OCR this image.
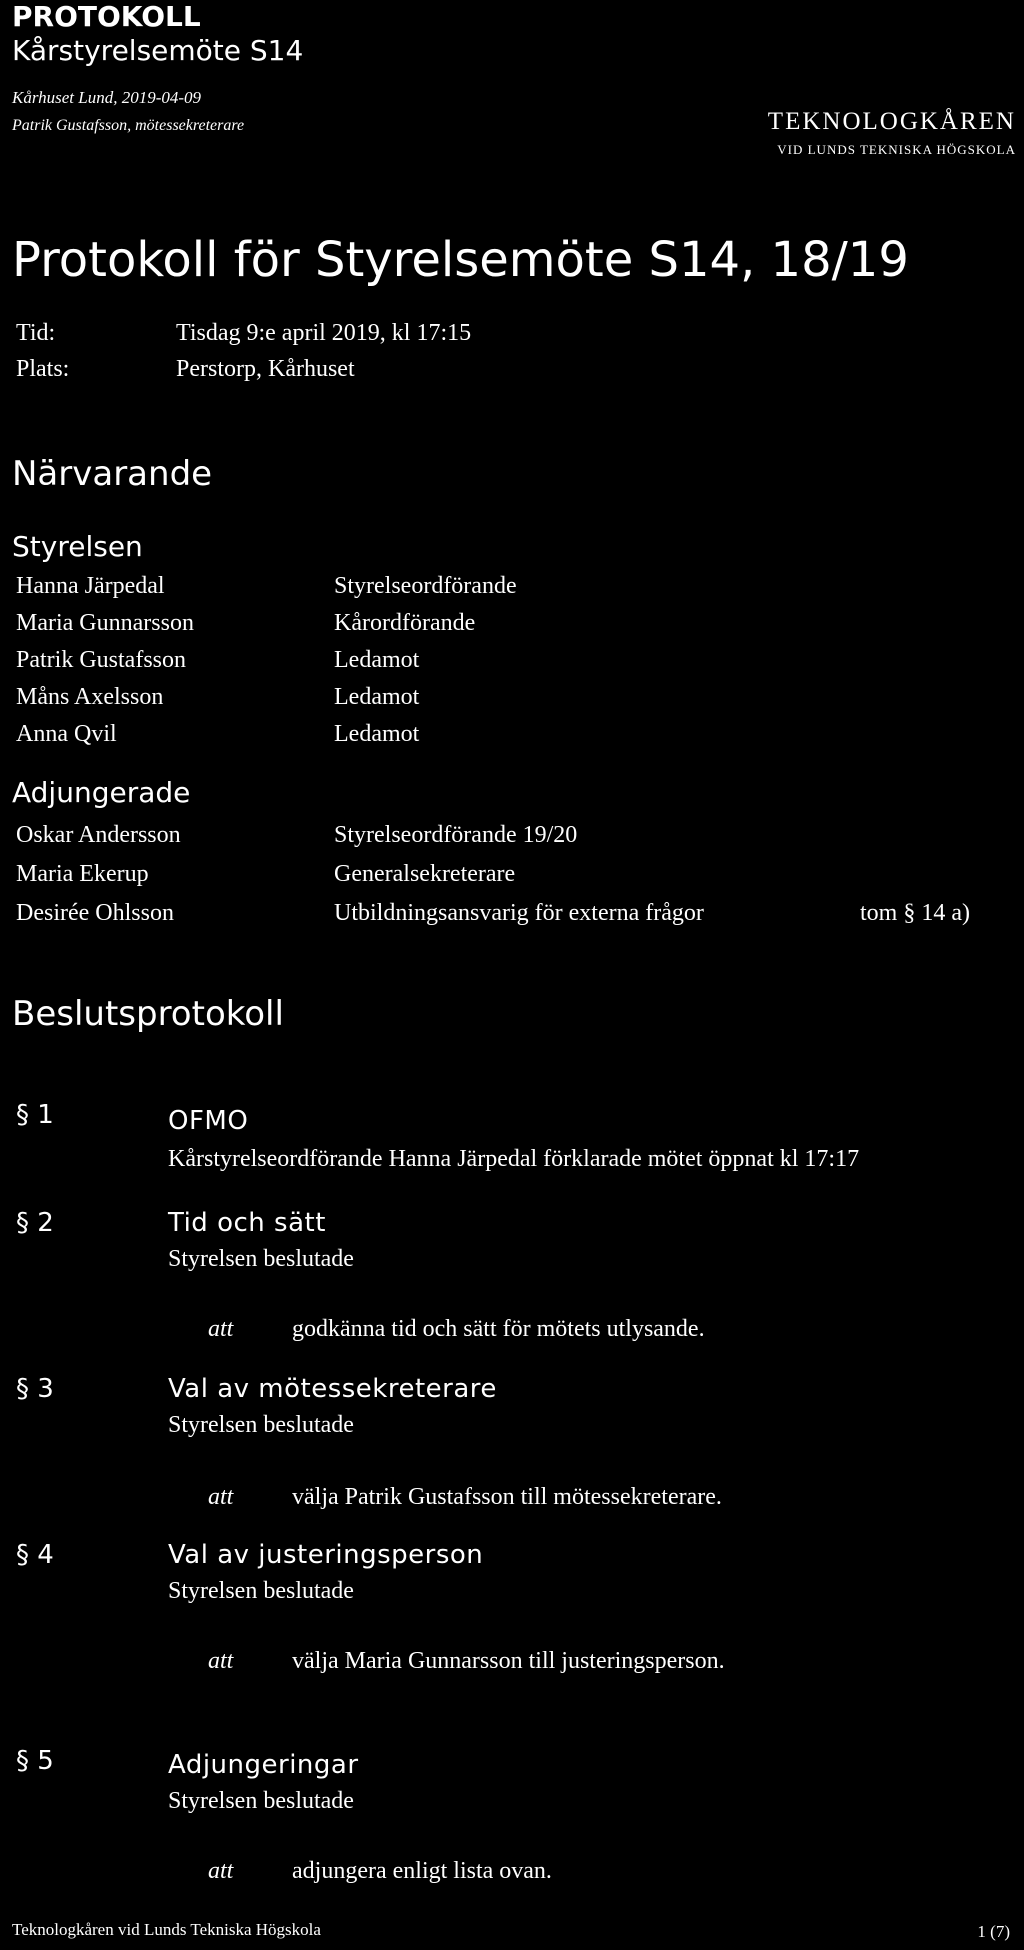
PROTOKOLL
Kårstyrelsemöte S14
Kårhuset Lund, 2019-04-09
Patrik Gustafsson, mötessekreterare	TEKNOLOGKÅREN
VID LUNDS TEKNISKA HÖGSKOLA
Protokoll för Styrelsemöte S14, 18/19
Tid:	Tisdag 9:e april 2019, kl 17:15
Plats:	Perstorp, Kårhuset
Närvarande
Styrelsen
Hanna Järpedal	Styrelseordförande
Maria Gunnarsson	Kårordförande
Patrik Gustafsson	Ledamot
Måns Axelsson	Ledamot
Anna Qvil	Ledamot
Adjungerade
Oskar Andersson	Styrelseordförande 19/20
Maria Ekerup	Generalsekreterare
Desirée Ohlsson	Utbildningsansvarig för externa frågor	tom § 14 a)
Beslutsprotokoll
§ 1	OFMO
Kårstyrelseordförande Hanna Järpedal förklarade mötet öppnat kl 17:17
§ 2	Tid och sätt
Styrelsen beslutade
att godkänna tid och sätt för mötets utlysande.
§ 3	Val av mötessekreterare
Styrelsen beslutade
att välja Patrik Gustafsson till mötessekreterare.
§ 4	Val av justeringsperson
Styrelsen beslutade
att välja Maria Gunnarsson till justeringsperson.
§ 5	Adjungeringar
Styrelsen beslutade
att adjungera enligt lista ovan.
Teknologkåren vid Lunds Tekniska Högskola	1 (7)
